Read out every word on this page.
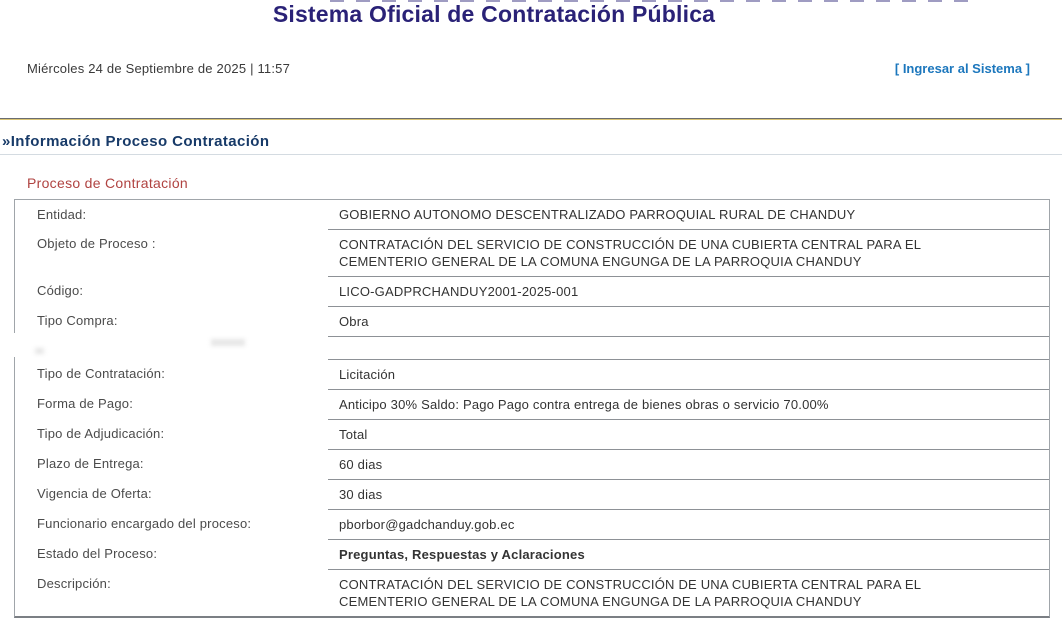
Sistema Oficial de Contratación Pública
Miércoles 24 de Septiembre de 2025 | 11:57	[ Ingresar al Sistema ]
»Información Proceso Contratación
Proceso de Contratación
Entidad:	GOBIERNO AUTONOMO DESCENTRALIZADO PARROQUIAL RURAL DE CHANDUY
Objeto de Proceso :	CONTRATACIÓN DEL SERVICIO DE CONSTRUCCIÓN DE UNA CUBIERTA CENTRAL PARA EL CEMENTERIO GENERAL DE LA COMUNA ENGUNGA DE LA PARROQUIA CHANDUY
Código:	LICO-GADPRCHANDUY2001-2025-001
Tipo Compra:	Obra
Tipo de Contratación:	Licitación
Forma de Pago:	Anticipo 30% Saldo: Pago Pago contra entrega de bienes obras o servicio 70.00%
Tipo de Adjudicación:	Total
Plazo de Entrega:	60 dias
Vigencia de Oferta:	30 dias
Funcionario encargado del proceso:	pborbor@gadchanduy.gob.ec
Estado del Proceso:	Preguntas, Respuestas y Aclaraciones
Descripción:	CONTRATACIÓN DEL SERVICIO DE CONSTRUCCIÓN DE UNA CUBIERTA CENTRAL PARA EL CEMENTERIO GENERAL DE LA COMUNA ENGUNGA DE LA PARROQUIA CHANDUY
